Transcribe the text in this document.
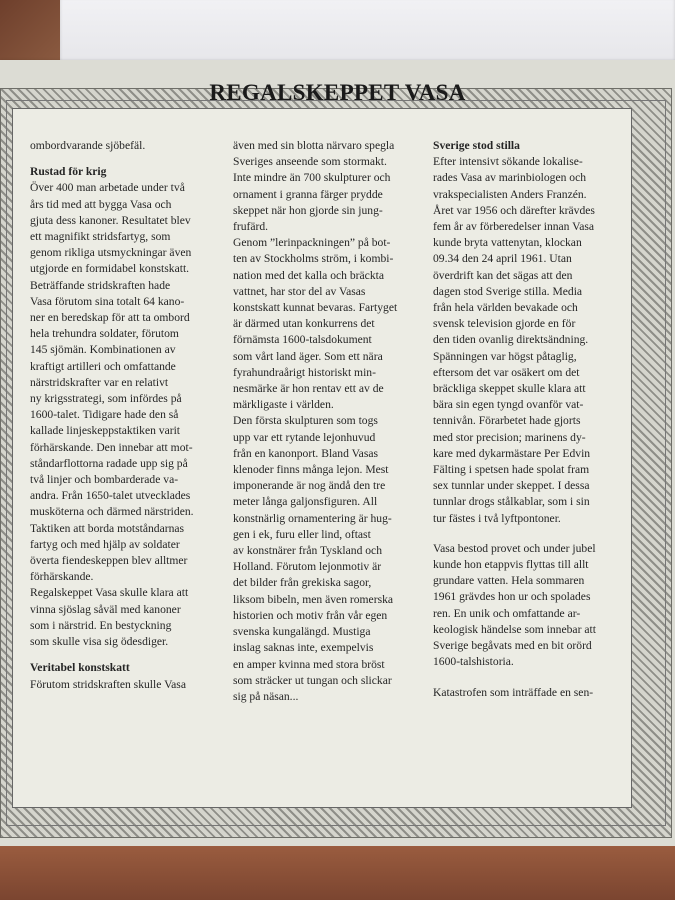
REGALSKEPPET VASA

ombordvarande sjöbefäl.

Rustad för krig

Över 400 man arbetade under två

års tid med att bygga Vasa och

gjuta dess kanoner. Resultatet blev

ett magnifikt stridsfartyg, som

genom rikliga utsmyckningar även

utgjorde en formidabel konstskatt.

Beträffande stridskraften hade

Vasa förutom sina totalt 64 kano-

ner en beredskap för att ta ombord

hela trehundra soldater, förutom

145 sjömän. Kombinationen av

kraftigt artilleri och omfattande

närstridskrafter var en relativt

ny krigsstrategi, som infördes på

1600-talet. Tidigare hade den så

kallade linjeskeppstaktiken varit

förhärskande. Den innebar att mot-

ståndarflottorna radade upp sig på

två linjer och bombarderade va-

andra. Från 1650-talet utvecklades

musköterna och därmed närstriden.

Taktiken att borda motståndarnas

fartyg och med hjälp av soldater

överta fiendeskeppen blev alltmer

förhärskande.

Regalskeppet Vasa skulle klara att

vinna sjöslag såväl med kanoner

som i närstrid. En bestyckning

som skulle visa sig ödesdiger.

Veritabel konstskatt

Förutom stridskraften skulle Vasa

även med sin blotta närvaro spegla

Sveriges anseende som stormakt.

Inte mindre än 700 skulpturer och

ornament i granna färger prydde

skeppet när hon gjorde sin jung-

frufärd.

Genom ”lerinpackningen” på bot-

ten av Stockholms ström, i kombi-

nation med det kalla och bräckta

vattnet, har stor del av Vasas

konstskatt kunnat bevaras. Fartyget

är därmed utan konkurrens det

förnämsta 1600-talsdokument

som vårt land äger. Som ett nära

fyrahundraårigt historiskt min-

nesmärke är hon rentav ett av de

märkligaste i världen.

Den första skulpturen som togs

upp var ett rytande lejonhuvud

från en kanonport. Bland Vasas

klenoder finns många lejon. Mest

imponerande är nog ändå den tre

meter långa galjonsfiguren. All

konstnärlig ornamentering är hug-

gen i ek, furu eller lind, oftast

av konstnärer från Tyskland och

Holland. Förutom lejonmotiv är

det bilder från grekiska sagor,

liksom bibeln, men även romerska

historien och motiv från vår egen

svenska kungalängd. Mustiga

inslag saknas inte, exempelvis

en amper kvinna med stora bröst

som sträcker ut tungan och slickar

sig på näsan...

Sverige stod stilla

Efter intensivt sökande lokalise-

rades Vasa av marinbiologen och

vrakspecialisten Anders Franzén.

Året var 1956 och därefter krävdes

fem år av förberedelser innan Vasa

kunde bryta vattenytan, klockan

09.34 den 24 april 1961. Utan

överdrift kan det sägas att den

dagen stod Sverige stilla. Media

från hela världen bevakade och

svensk television gjorde en för

den tiden ovanlig direktsändning.

Spänningen var högst påtaglig,

eftersom det var osäkert om det

bräckliga skeppet skulle klara att

bära sin egen tyngd ovanför vat-

tennivån. Förarbetet hade gjorts

med stor precision; marinens dy-

kare med dykarmästare Per Edvin

Fälting i spetsen hade spolat fram

sex tunnlar under skeppet. I dessa

tunnlar drogs stålkablar, som i sin

tur fästes i två lyftpontoner.

Vasa bestod provet och under jubel

kunde hon etappvis flyttas till allt

grundare vatten. Hela sommaren

1961 grävdes hon ur och spolades

ren. En unik och omfattande ar-

keologisk händelse som innebar att

Sverige begåvats med en bit orörd

1600-talshistoria.

Katastrofen som inträffade en sen-
